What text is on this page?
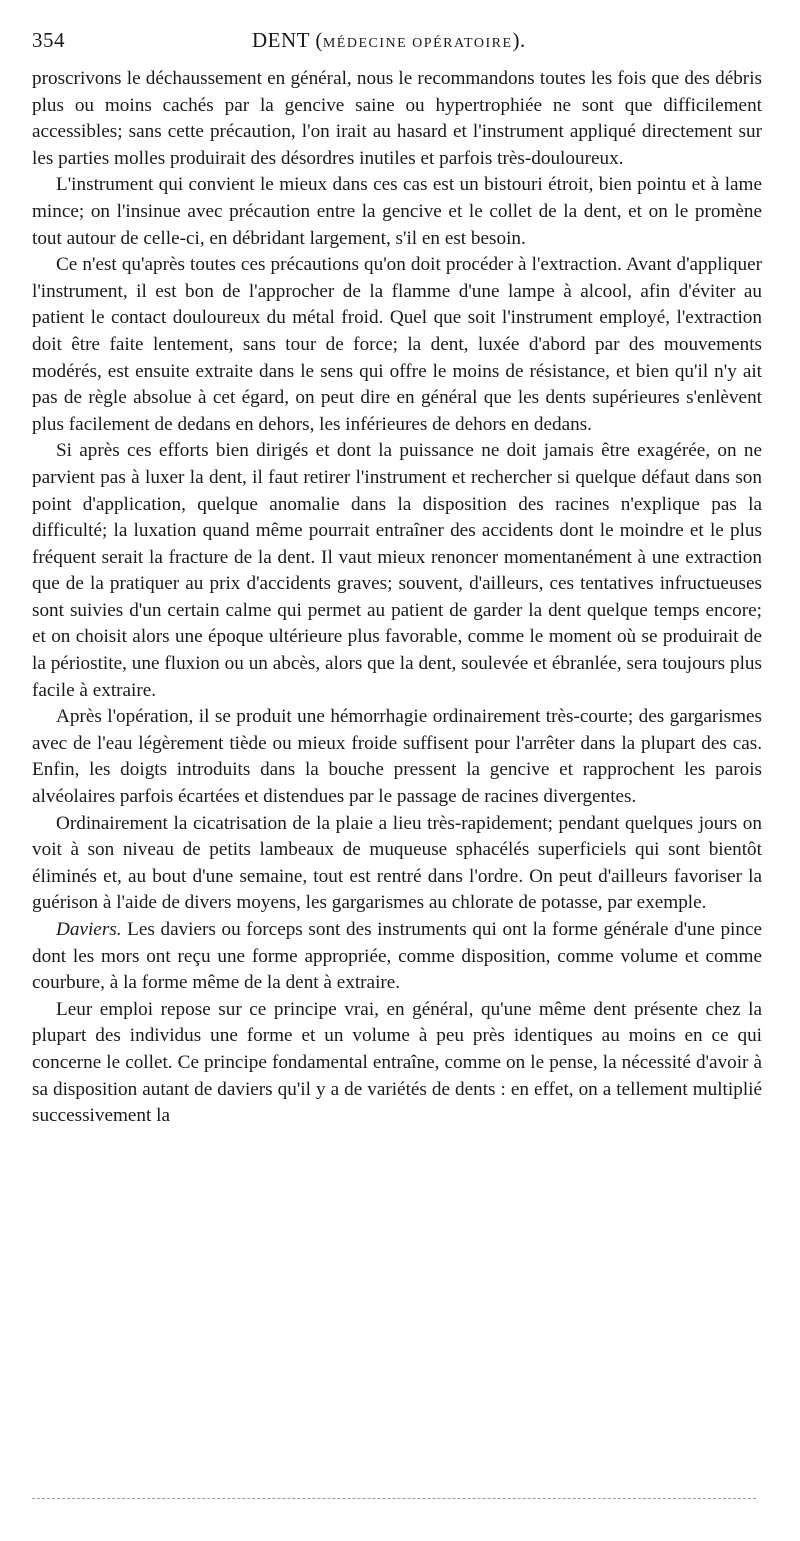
354	DENT (MÉDECINE OPÉRATOIRE).

proscrivons le déchaussement en général, nous le recommandons toutes les fois que des débris plus ou moins cachés par la gencive saine ou hypertrophiée ne sont que difficilement accessibles; sans cette précaution, l'on irait au hasard et l'instrument appliqué directement sur les parties molles produirait des désordres inutiles et parfois très-douloureux.

L'instrument qui convient le mieux dans ces cas est un bistouri étroit, bien pointu et à lame mince; on l'insinue avec précaution entre la gencive et le collet de la dent, et on le promène tout autour de celle-ci, en débridant largement, s'il en est besoin.

Ce n'est qu'après toutes ces précautions qu'on doit procéder à l'extraction. Avant d'appliquer l'instrument, il est bon de l'approcher de la flamme d'une lampe à alcool, afin d'éviter au patient le contact douloureux du métal froid. Quel que soit l'instrument employé, l'extraction doit être faite lentement, sans tour de force; la dent, luxée d'abord par des mouvements modérés, est ensuite extraite dans le sens qui offre le moins de résistance, et bien qu'il n'y ait pas de règle absolue à cet égard, on peut dire en général que les dents supérieures s'enlèvent plus facilement de dedans en dehors, les inférieures de dehors en dedans.

Si après ces efforts bien dirigés et dont la puissance ne doit jamais être exagérée, on ne parvient pas à luxer la dent, il faut retirer l'instrument et rechercher si quelque défaut dans son point d'application, quelque anomalie dans la disposition des racines n'explique pas la difficulté; la luxation quand même pourrait entraîner des accidents dont le moindre et le plus fréquent serait la fracture de la dent. Il vaut mieux renoncer momentanément à une extraction que de la pratiquer au prix d'accidents graves; souvent, d'ailleurs, ces tentatives infructueuses sont suivies d'un certain calme qui permet au patient de garder la dent quelque temps encore; et on choisit alors une époque ultérieure plus favorable, comme le moment où se produirait de la périostite, une fluxion ou un abcès, alors que la dent, soulevée et ébranlée, sera toujours plus facile à extraire.

Après l'opération, il se produit une hémorrhagie ordinairement très-courte; des gargarismes avec de l'eau légèrement tiède ou mieux froide suffisent pour l'arrêter dans la plupart des cas. Enfin, les doigts introduits dans la bouche pressent la gencive et rapprochent les parois alvéolaires parfois écartées et distendues par le passage de racines divergentes.

Ordinairement la cicatrisation de la plaie a lieu très-rapidement; pendant quelques jours on voit à son niveau de petits lambeaux de muqueuse sphacélés superficiels qui sont bientôt éliminés et, au bout d'une semaine, tout est rentré dans l'ordre. On peut d'ailleurs favoriser la guérison à l'aide de divers moyens, les gargarismes au chlorate de potasse, par exemple.

Daviers. Les daviers ou forceps sont des instruments qui ont la forme générale d'une pince dont les mors ont reçu une forme appropriée, comme disposition, comme volume et comme courbure, à la forme même de la dent à extraire.

Leur emploi repose sur ce principe vrai, en général, qu'une même dent présente chez la plupart des individus une forme et un volume à peu près identiques au moins en ce qui concerne le collet. Ce principe fondamental entraîne, comme on le pense, la nécessité d'avoir à sa disposition autant de daviers qu'il y a de variétés de dents : en effet, on a tellement multiplié successivement la
